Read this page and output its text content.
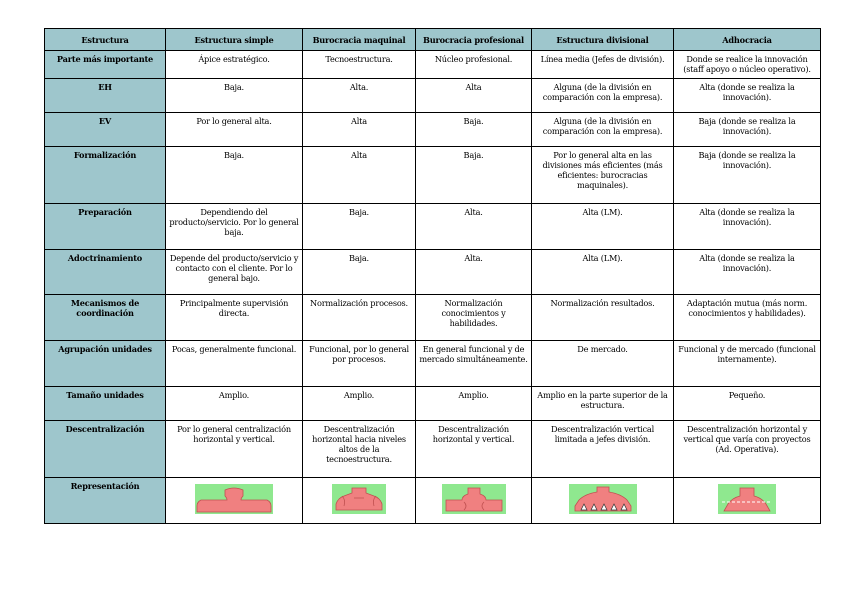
Estructura	Estructura simple	Burocracia maquinal	Burocracia profesional	Estructura divisional	Adhocracia
Parte más importante	Ápice estratégico.	Tecnoestructura.	Núcleo profesional.	Línea media (Jefes de división).	Donde se realice la innovación (staff apoyo o núcleo operativo).
EH	Baja.	Alta.	Alta	Alguna (de la división en comparación con la empresa).	Alta (donde se realiza la innovación).
EV	Por lo general alta.	Alta	Baja.	Alguna (de la división en comparación con la empresa).	Baja (donde se realiza la innovación).
Formalización	Baja.	Alta	Baja.	Por lo general alta en las divisiones más eficientes (más eficientes: burocracias maquinales).	Baja (donde se realiza la innovación).
Preparación	Dependiendo del producto/servicio. Por lo general baja.	Baja.	Alta.	Alta (LM).	Alta (donde se realiza la innovación).
Adoctrinamiento	Depende del producto/servicio y contacto con el cliente. Por lo general bajo.	Baja.	Alta.	Alta (LM).	Alta (donde se realiza la innovación).
Mecanismos de coordinación	Principalmente supervisión directa.	Normalización procesos.	Normalización conocimientos y habilidades.	Normalización resultados.	Adaptación mutua (más norm. conocimientos y habilidades).
Agrupación unidades	Pocas, generalmente funcional.	Funcional, por lo general por procesos.	En general funcional y de mercado simultáneamente.	De mercado.	Funcional y de mercado (funcional internamente).
Tamaño unidades	Amplio.	Amplio.	Amplio.	Amplio en la parte superior de la estructura.	Pequeño.
Descentralización	Por lo general centralización horizontal y vertical.	Descentralización horizontal hacia niveles altos de la tecnoestructura.	Descentralización horizontal y vertical.	Descentralización vertical limitada a jefes división.	Descentralización horizontal y vertical que varía con proyectos (Ad. Operativa).
Representación	
